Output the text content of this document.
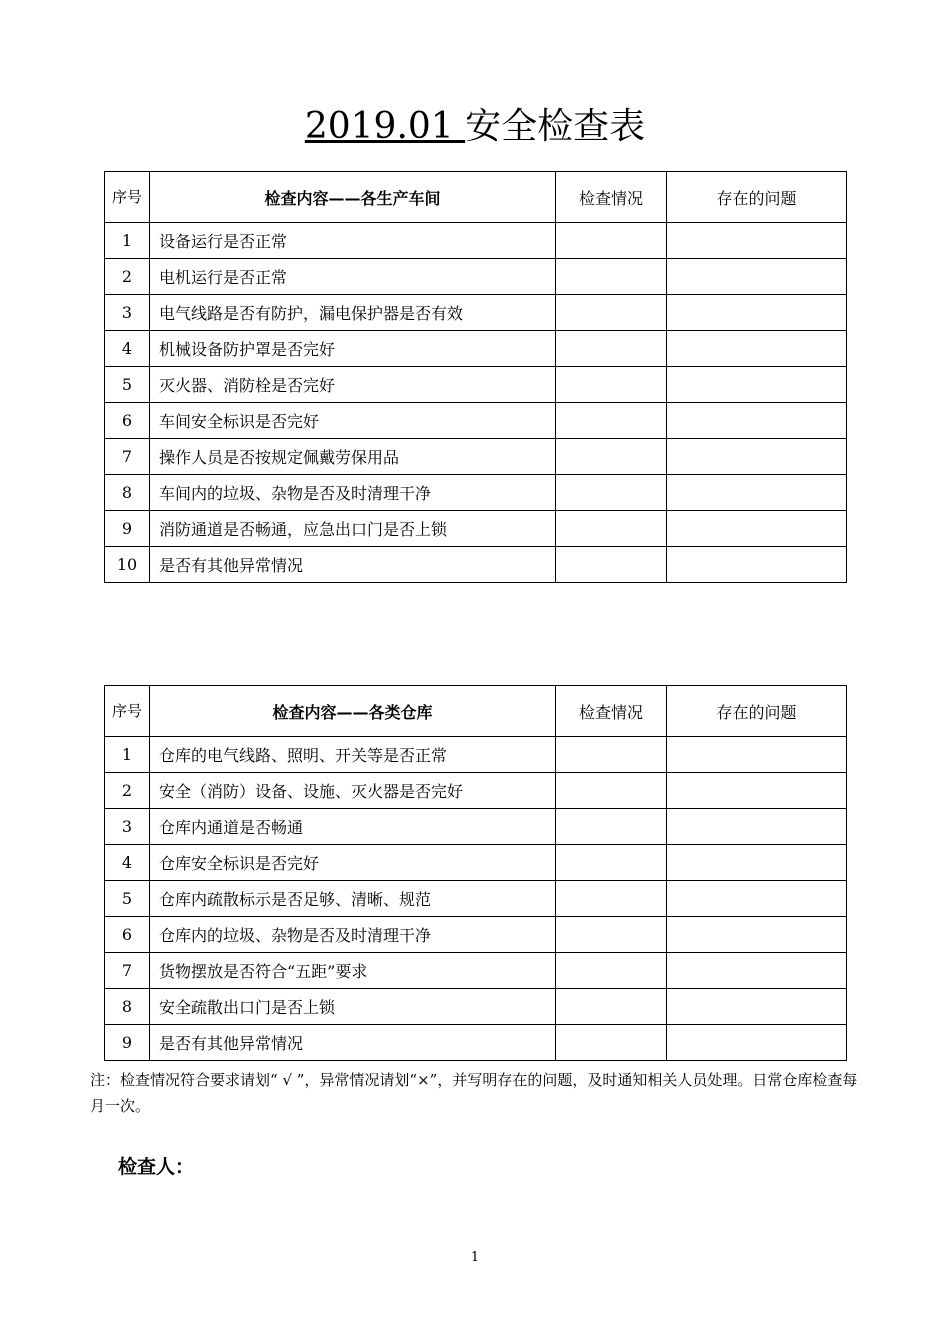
2019.01 安全检查表
序号	检查内容——各生产车间	检查情况	存在的问题
1	设备运行是否正常		
2	电机运行是否正常		
3	电气线路是否有防护，漏电保护器是否有效		
4	机械设备防护罩是否完好		
5	灭火器、消防栓是否完好		
6	车间安全标识是否完好		
7	操作人员是否按规定佩戴劳保用品		
8	车间内的垃圾、杂物是否及时清理干净		
9	消防通道是否畅通，应急出口门是否上锁		
10	是否有其他异常情况		
序号	检查内容——各类仓库	检查情况	存在的问题
1	仓库的电气线路、照明、开关等是否正常		
2	安全（消防）设备、设施、灭火器是否完好		
3	仓库内通道是否畅通		
4	仓库安全标识是否完好		
5	仓库内疏散标示是否足够、清晰、规范		
6	仓库内的垃圾、杂物是否及时清理干净		
7	货物摆放是否符合“五距”要求		
8	安全疏散出口门是否上锁		
9	是否有其他异常情况		
注：检查情况符合要求请划“ √ ”，异常情况请划“×”，并写明存在的问题，及时通知相关人员处理。日常仓库检查每月一次。
检查人：
1
